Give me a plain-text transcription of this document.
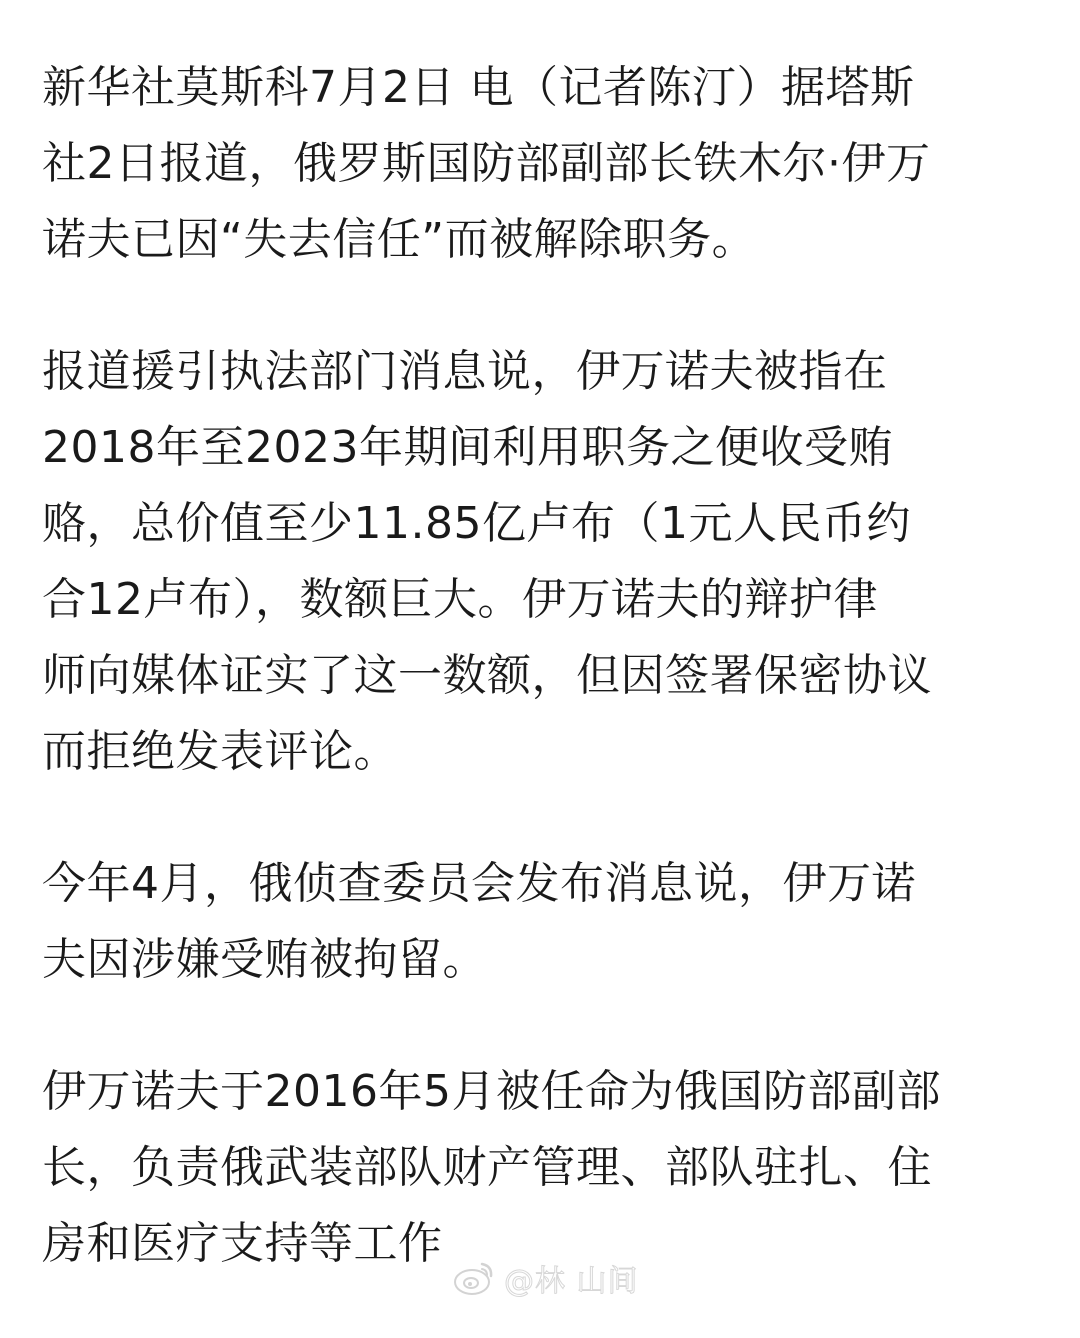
新华社莫斯科7月2日 电（记者陈汀）据塔斯
社2日报道，俄罗斯国防部副部长铁木尔·伊万
诺夫已因“失去信任”而被解除职务。
报道援引执法部门消息说，伊万诺夫被指在
2018年至2023年期间利用职务之便收受贿
赂，总价值至少11.85亿卢布（1元人民币约
合12卢布），数额巨大。伊万诺夫的辩护律
师向媒体证实了这一数额，但因签署保密协议
而拒绝发表评论。
今年4月，俄侦查委员会发布消息说，伊万诺
夫因涉嫌受贿被拘留。
伊万诺夫于2016年5月被任命为俄国防部副部
长，负责俄武装部队财产管理、部队驻扎、住
房和医疗支持等工作
@林 山间
